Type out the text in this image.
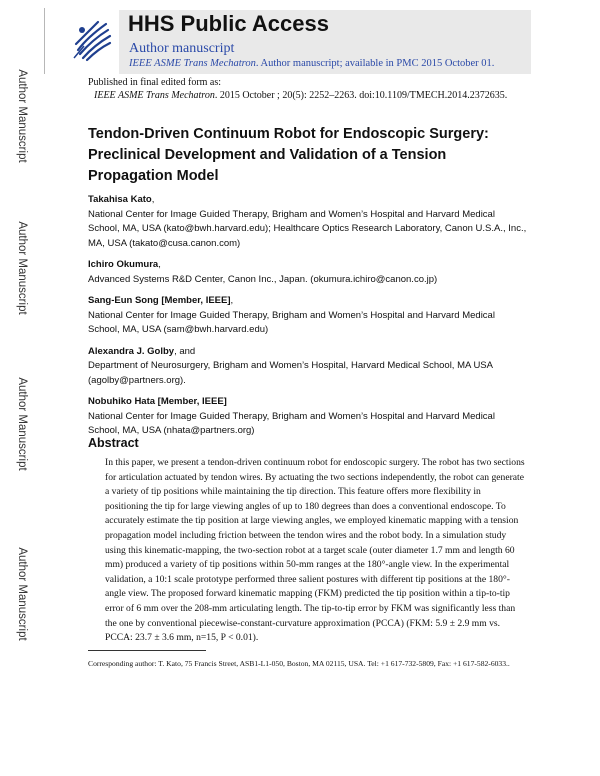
Author Manuscript
Author Manuscript
Author Manuscript
Author Manuscript
HHS Public Access
Author manuscript
IEEE ASME Trans Mechatron. Author manuscript; available in PMC 2015 October 01.
Published in final edited form as:
IEEE ASME Trans Mechatron. 2015 October ; 20(5): 2252–2263. doi:10.1109/TMECH.2014.2372635.
Tendon-Driven Continuum Robot for Endoscopic Surgery: Preclinical Development and Validation of a Tension Propagation Model
Takahisa Kato,
National Center for Image Guided Therapy, Brigham and Women’s Hospital and Harvard Medical School, MA, USA (kato@bwh.harvard.edu); Healthcare Optics Research Laboratory, Canon U.S.A., Inc., MA, USA (takato@cusa.canon.com)
Ichiro Okumura,
Advanced Systems R&D Center, Canon Inc., Japan. (okumura.ichiro@canon.co.jp)
Sang-Eun Song [Member, IEEE],
National Center for Image Guided Therapy, Brigham and Women’s Hospital and Harvard Medical School, MA, USA (sam@bwh.harvard.edu)
Alexandra J. Golby, and
Department of Neurosurgery, Brigham and Women’s Hospital, Harvard Medical School, MA USA (agolby@partners.org).
Nobuhiko Hata [Member, IEEE]
National Center for Image Guided Therapy, Brigham and Women’s Hospital and Harvard Medical School, MA, USA (nhata@partners.org)
Abstract

In this paper, we present a tendon-driven continuum robot for endoscopic surgery. The robot has two sections for articulation actuated by tendon wires. By actuating the two sections independently, the robot can generate a variety of tip positions while maintaining the tip direction. This feature offers more flexibility in positioning the tip for large viewing angles of up to 180 degrees than does a conventional endoscope. To accurately estimate the tip position at large viewing angles, we employed kinematic mapping with a tension propagation model including friction between the tendon wires and the robot body. In a simulation study using this kinematic-mapping, the two-section robot at a target scale (outer diameter 1.7 mm and length 60 mm) produced a variety of tip positions within 50-mm ranges at the 180°-angle view. In the experimental validation, a 10:1 scale prototype performed three salient postures with different tip positions at the 180°-angle view. The proposed forward kinematic mapping (FKM) predicted the tip position within a tip-to-tip error of 6 mm over the 208-mm articulating length. The tip-to-tip error by FKM was significantly less than the one by conventional piecewise-constant-curvature approximation (PCCA) (FKM: 5.9 ± 2.9 mm vs. PCCA: 23.7 ± 3.6 mm, n=15, P < 0.01).

Corresponding author: T. Kato, 75 Francis Street, ASB1-L1-050, Boston, MA 02115, USA. Tel: +1 617-732-5809, Fax: +1 617-582-6033..
